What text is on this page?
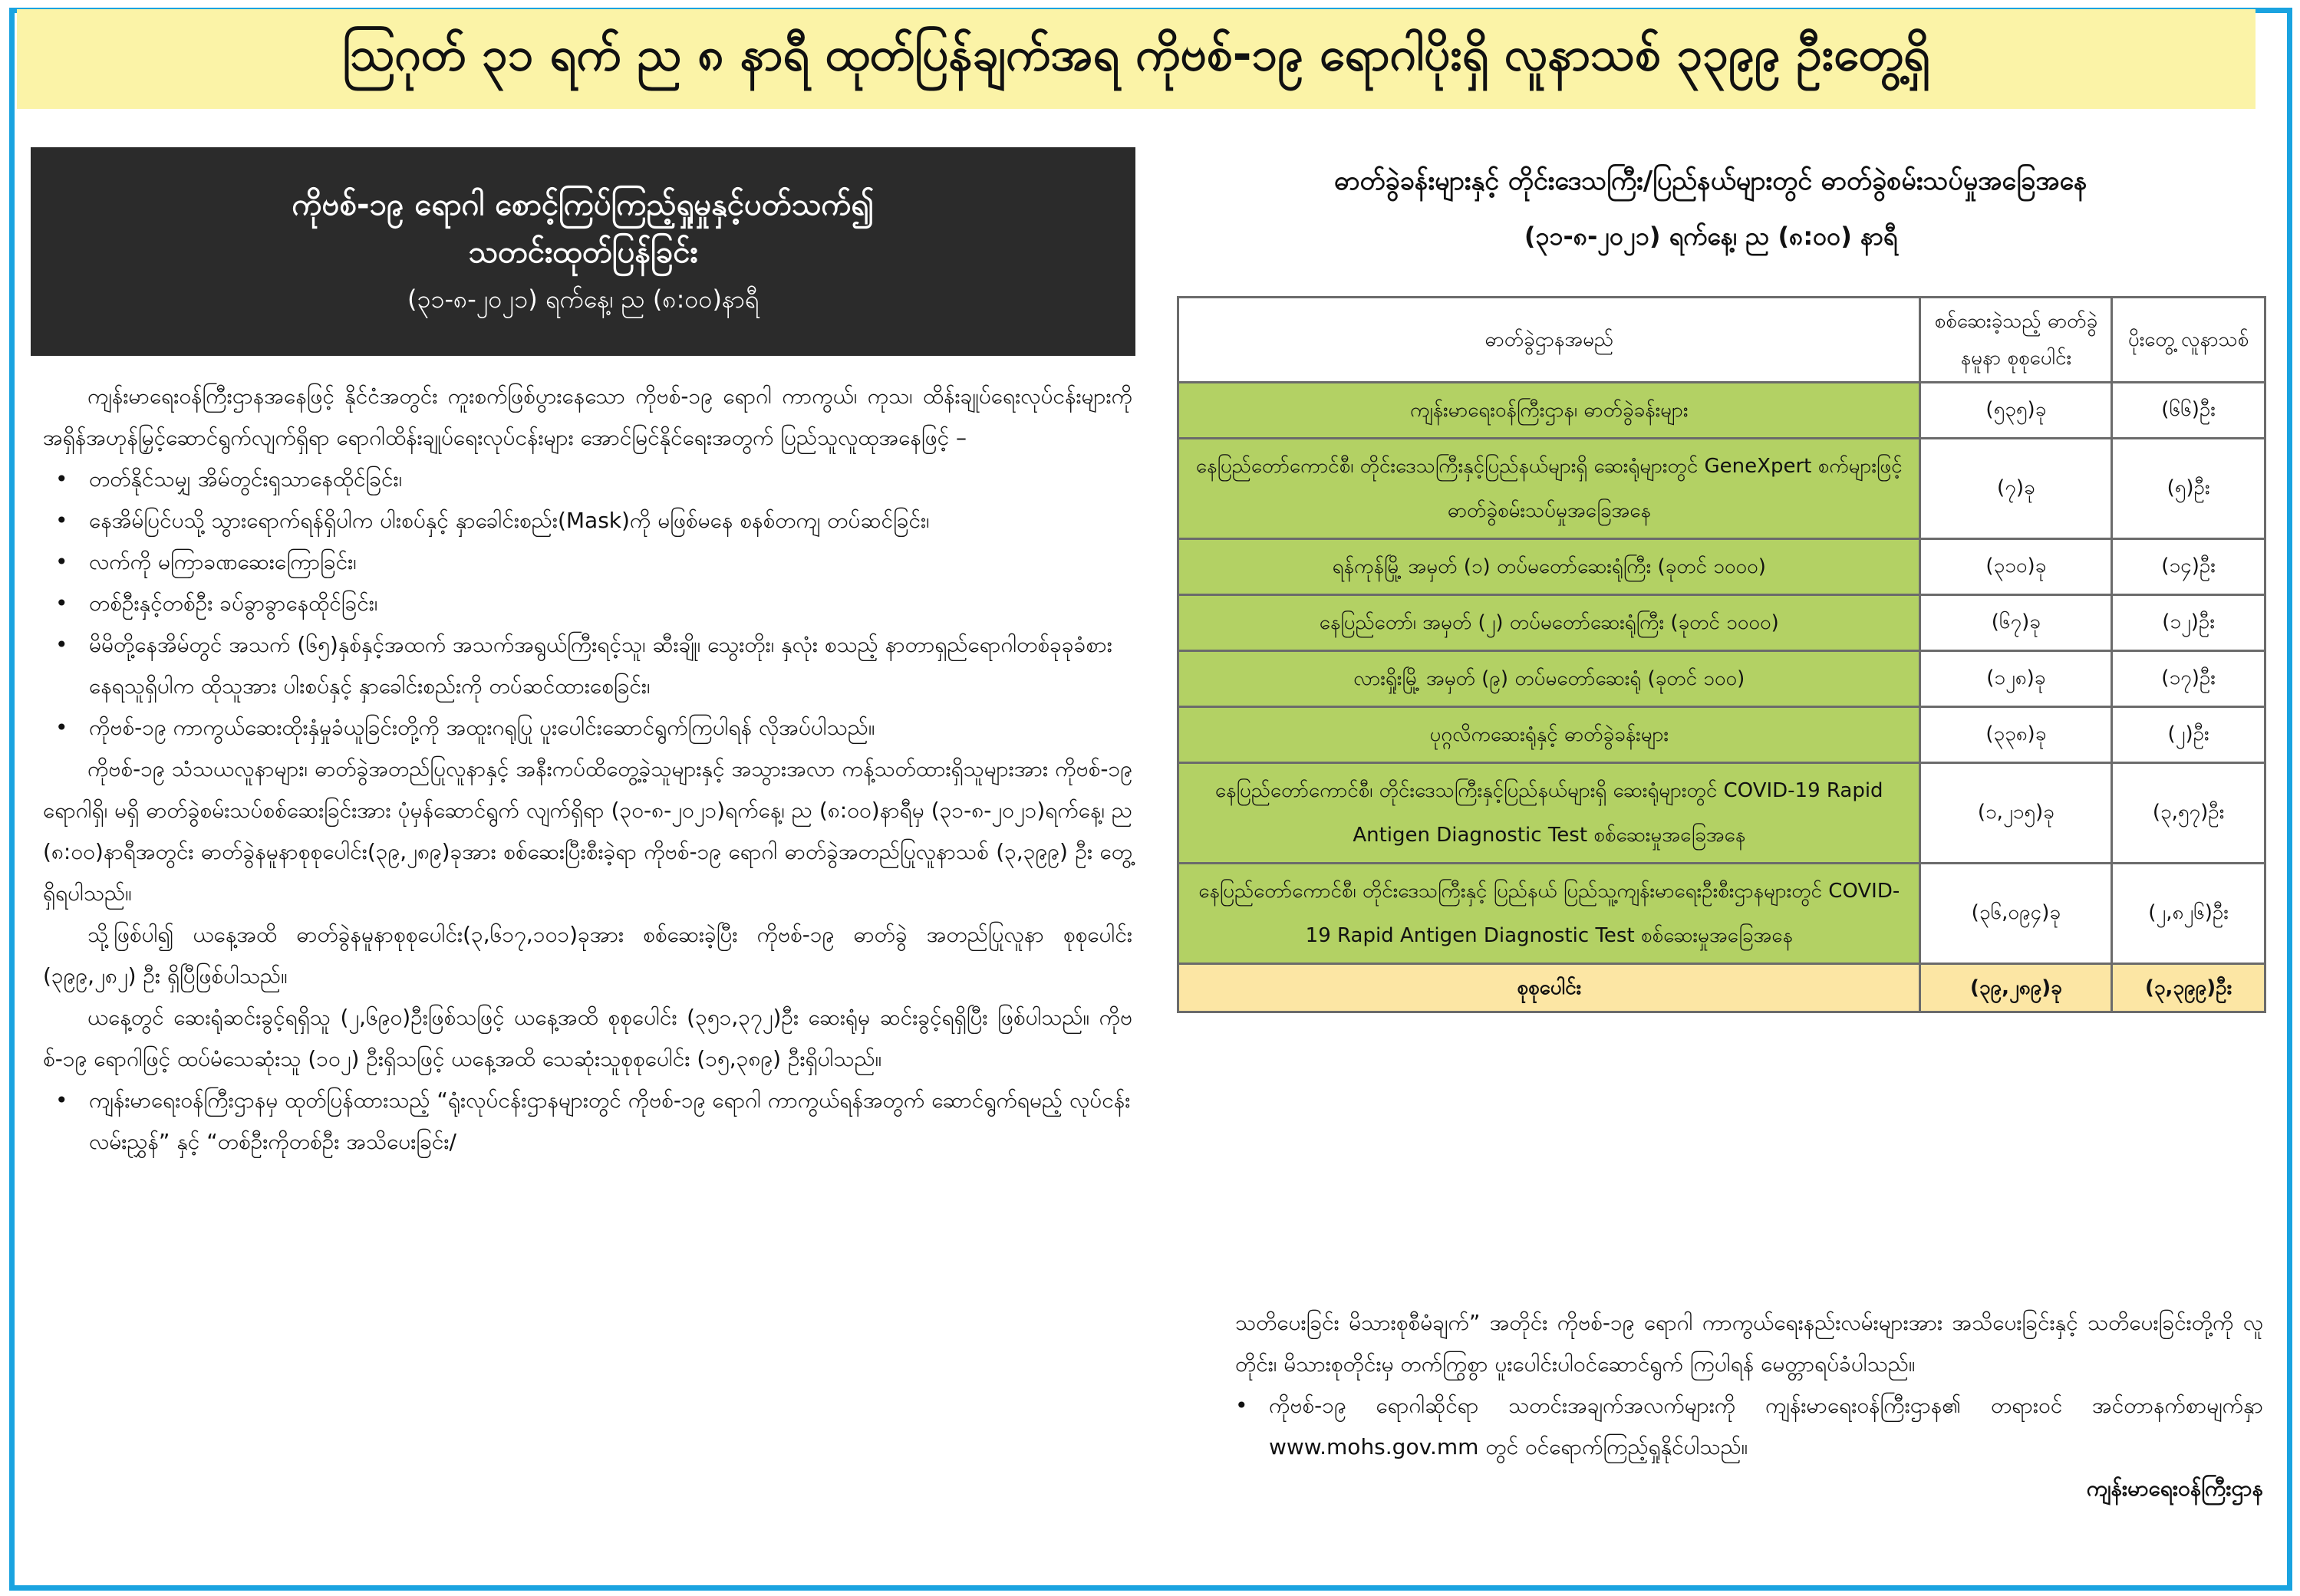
ဩဂုတ် ၃၁ ရက် ည ၈ နာရီ ထုတ်ပြန်ချက်အရ ကိုဗစ်-၁၉ ရောဂါပိုးရှိ လူနာသစ် ၃၃၉၉ ဦးတွေ့ရှိ
ကိုဗစ်-၁၉ ရောဂါ စောင့်ကြပ်ကြည့်ရှုမှုနှင့်ပတ်သက်၍
သတင်းထုတ်ပြန်ခြင်း
(၃၁-၈-၂၀၂၁) ရက်နေ့၊ ည (၈:၀၀)နာရီ

ကျန်းမာရေးဝန်ကြီးဌာနအနေဖြင့် နိုင်ငံအတွင်း ကူးစက်ဖြစ်ပွားနေသော ကိုဗစ်-၁၉ ရောဂါ ကာကွယ်၊ ကုသ၊ ထိန်းချုပ်ရေးလုပ်ငန်းများကို အရှိန်အဟုန်မြှင့်ဆောင်ရွက်လျက်ရှိရာ ရောဂါထိန်းချုပ်ရေးလုပ်ငန်းများ အောင်မြင်နိုင်ရေးအတွက် ပြည်သူလူထုအနေဖြင့် –

• တတ်နိုင်သမျှ အိမ်တွင်းၡသာနေထိုင်ခြင်း၊
• နေအိမ်ပြင်ပသို့ သွားရောက်ရန်ရှိပါက ပါးစပ်နှင့် နှာခေါင်းစည်း(Mask)ကို မဖြစ်မနေ စနစ်တကျ တပ်ဆင်ခြင်း၊
• လက်ကို မကြာခဏဆေးကြောခြင်း၊
• တစ်ဦးနှင့်တစ်ဦး ခပ်ခွာခွာနေထိုင်ခြင်း၊
• မိမိတို့နေအိမ်တွင် အသက် (၆၅)နှစ်နှင့်အထက် အသက်အရွယ်ကြီးရင့်သူ၊ ဆီးချို၊ သွေးတိုး၊ နှလုံး စသည့် နာတာရှည်ရောဂါတစ်ခုခုခံစားနေရသူရှိပါက ထိုသူအား ပါးစပ်နှင့် နှာခေါင်းစည်းကို တပ်ဆင်ထားစေခြင်း၊
• ကိုဗစ်-၁၉ ကာကွယ်ဆေးထိုးနှံမှုခံယူခြင်းတို့ကို အထူးဂရုပြု ပူးပေါင်းဆောင်ရွက်ကြပါရန် လိုအပ်ပါသည်။

ကိုဗစ်-၁၉ သံသယလူနာများ၊ ဓာတ်ခွဲအတည်ပြုလူနာနှင့် အနီးကပ်ထိတွေ့ခဲ့သူများနှင့် အသွားအလာ ကန့်သတ်ထားရှိသူများအား ကိုဗစ်-၁၉ ရောဂါရှိ၊ မရှိ ဓာတ်ခွဲစမ်းသပ်စစ်ဆေးခြင်းအား ပုံမှန်ဆောင်ရွက် လျက်ရှိရာ (၃၀-၈-၂၀၂၁)ရက်နေ့၊ ည (၈:၀၀)နာရီမှ (၃၁-၈-၂၀၂၁)ရက်နေ့၊ ည (၈:၀၀)နာရီအတွင်း ဓာတ်ခွဲနမူနာစုစုပေါင်း(၃၉,၂၈၉)ခုအား စစ်ဆေးပြီးစီးခဲ့ရာ ကိုဗစ်-၁၉ ရောဂါ ဓာတ်ခွဲအတည်ပြုလူနာသစ် (၃,၃၉၉) ဦး တွေ့ရှိရပါသည်။

သို့ဖြစ်ပါ၍ ယနေ့အထိ ဓာတ်ခွဲနမူနာစုစုပေါင်း(၃,၆၁၇,၁၀၁)ခုအား စစ်ဆေးခဲ့ပြီး ကိုဗစ်-၁၉ ဓာတ်ခွဲ အတည်ပြုလူနာ စုစုပေါင်း (၃၉၉,၂၈၂) ဦး ရှိပြီဖြစ်ပါသည်။

ယနေ့တွင် ဆေးရုံဆင်းခွင့်ရရှိသူ (၂,၆၉၀)ဦးဖြစ်သဖြင့် ယနေ့အထိ စုစုပေါင်း (၃၅၁,၃၇၂)ဦး ဆေးရုံမှ ဆင်းခွင့်ရရှိပြီး ဖြစ်ပါသည်။ ကိုဗစ်-၁၉ ရောဂါဖြင့် ထပ်မံသေဆုံးသူ (၁၀၂) ဦးရှိသဖြင့် ယနေ့အထိ သေဆုံးသူစုစုပေါင်း (၁၅,၃၈၉) ဦးရှိပါသည်။

• ကျန်းမာရေးဝန်ကြီးဌာနမှ ထုတ်ပြန်ထားသည့် “ရုံးလုပ်ငန်းဌာနများတွင် ကိုဗစ်-၁၉ ရောဂါ ကာကွယ်ရန်အတွက် ဆောင်ရွက်ရမည့် လုပ်ငန်းလမ်းညွှန်” နှင့် “တစ်ဦးကိုတစ်ဦး အသိပေးခြင်း/
ဓာတ်ခွဲခန်းများနှင့် တိုင်းဒေသကြီး/ပြည်နယ်များတွင် ဓာတ်ခွဲစမ်းသပ်မှုအခြေအနေ
(၃၁-၈-၂၀၂၁) ရက်နေ့၊ ည (၈:၀၀) နာရီ
ဓာတ်ခွဲဌာနအမည်	စစ်ဆေးခဲ့သည့် ဓာတ်ခွဲနမူနာ စုစုပေါင်း	ပိုးတွေ့ လူနာသစ်
ကျန်းမာရေးဝန်ကြီးဌာန၊ ဓာတ်ခွဲခန်းများ	(၅၃၅)ခု	(၆၆)ဦး
နေပြည်တော်ကောင်စီ၊ တိုင်းဒေသကြီးနှင့်ပြည်နယ်များရှိ ဆေးရုံများတွင် GeneXpert စက်များဖြင့် ဓာတ်ခွဲစမ်းသပ်မှုအခြေအနေ	(၇)ခု	(၅)ဦး
ရန်ကုန်မြို့ အမှတ် (၁) တပ်မတော်ဆေးရုံကြီး (ခုတင် ၁၀၀၀)	(၃၁၀)ခု	(၁၄)ဦး
နေပြည်တော်၊ အမှတ် (၂) တပ်မတော်ဆေးရုံကြီး (ခုတင် ၁၀၀၀)	(၆၇)ခု	(၁၂)ဦး
လားရှိုးမြို့ အမှတ် (၉) တပ်မတော်ဆေးရုံ (ခုတင် ၁၀၀)	(၁၂၈)ခု	(၁၇)ဦး
ပုဂ္ဂလိကဆေးရုံနှင့် ဓာတ်ခွဲခန်းများ	(၃၃၈)ခု	(၂)ဦး
နေပြည်တော်ကောင်စီ၊ တိုင်းဒေသကြီးနှင့်ပြည်နယ်များရှိ ဆေးရုံများတွင် COVID-19 Rapid Antigen Diagnostic Test စစ်ဆေးမှုအခြေအနေ	(၁,၂၁၅)ခု	(၃,၅၇)ဦး
နေပြည်တော်ကောင်စီ၊ တိုင်းဒေသကြီးနှင့် ပြည်နယ် ပြည်သူ့ကျန်းမာရေးဦးစီးဌာနများတွင် COVID-19 Rapid Antigen Diagnostic Test စစ်ဆေးမှုအခြေအနေ	(၃၆,၀၉၄)ခု	(၂,၈၂၆)ဦး
စုစုပေါင်း	(၃၉,၂၈၉)ခု	(၃,၃၉၉)ဦး

သတိပေးခြင်း မိသားစုစီမံချက်” အတိုင်း ကိုဗစ်-၁၉ ရောဂါ ကာကွယ်ရေးနည်းလမ်းများအား အသိပေးခြင်းနှင့် သတိပေးခြင်းတို့ကို လူတိုင်း၊ မိသားစုတိုင်းမှ တက်ကြွစွာ ပူးပေါင်းပါဝင်ဆောင်ရွက် ကြပါရန် မေတ္တာရပ်ခံပါသည်။

• ကိုဗစ်-၁၉ ရောဂါဆိုင်ရာ သတင်းအချက်အလက်များကို ကျန်းမာရေးဝန်ကြီးဌာန၏ တရားဝင် အင်တာနက်စာမျက်နှာ www.mohs.gov.mm တွင် ဝင်ရောက်ကြည့်ရှုနိုင်ပါသည်။

ကျန်းမာရေးဝန်ကြီးဌာန
